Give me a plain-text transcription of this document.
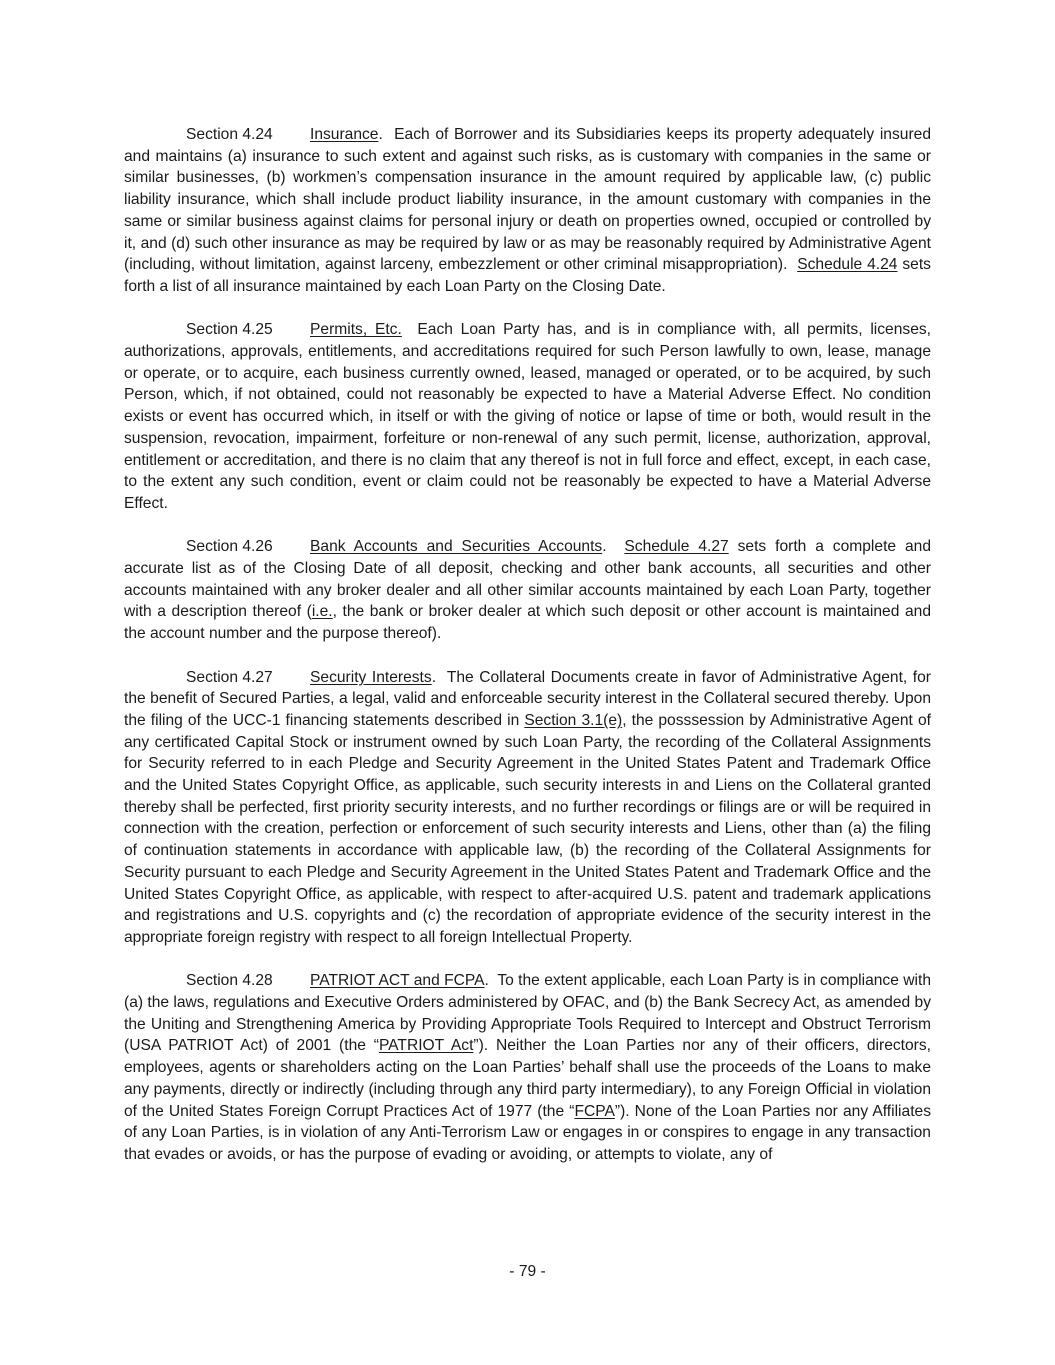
Section 4.24 Insurance. Each of Borrower and its Subsidiaries keeps its property adequately insured and maintains (a) insurance to such extent and against such risks, as is customary with companies in the same or similar businesses, (b) workmen’s compensation insurance in the amount required by applicable law, (c) public liability insurance, which shall include product liability insurance, in the amount customary with companies in the same or similar business against claims for personal injury or death on properties owned, occupied or controlled by it, and (d) such other insurance as may be required by law or as may be reasonably required by Administrative Agent (including, without limitation, against larceny, embezzlement or other criminal misappropriation). Schedule 4.24 sets forth a list of all insurance maintained by each Loan Party on the Closing Date.

Section 4.25 Permits, Etc. Each Loan Party has, and is in compliance with, all permits, licenses, authorizations, approvals, entitlements, and accreditations required for such Person lawfully to own, lease, manage or operate, or to acquire, each business currently owned, leased, managed or operated, or to be acquired, by such Person, which, if not obtained, could not reasonably be expected to have a Material Adverse Effect. No condition exists or event has occurred which, in itself or with the giving of notice or lapse of time or both, would result in the suspension, revocation, impairment, forfeiture or non-renewal of any such permit, license, authorization, approval, entitlement or accreditation, and there is no claim that any thereof is not in full force and effect, except, in each case, to the extent any such condition, event or claim could not be reasonably be expected to have a Material Adverse Effect.

Section 4.26 Bank Accounts and Securities Accounts. Schedule 4.27 sets forth a complete and accurate list as of the Closing Date of all deposit, checking and other bank accounts, all securities and other accounts maintained with any broker dealer and all other similar accounts maintained by each Loan Party, together with a description thereof (i.e., the bank or broker dealer at which such deposit or other account is maintained and the account number and the purpose thereof).

Section 4.27 Security Interests. The Collateral Documents create in favor of Administrative Agent, for the benefit of Secured Parties, a legal, valid and enforceable security interest in the Collateral secured thereby. Upon the filing of the UCC-1 financing statements described in Section 3.1(e), the posssession by Administrative Agent of any certificated Capital Stock or instrument owned by such Loan Party, the recording of the Collateral Assignments for Security referred to in each Pledge and Security Agreement in the United States Patent and Trademark Office and the United States Copyright Office, as applicable, such security interests in and Liens on the Collateral granted thereby shall be perfected, first priority security interests, and no further recordings or filings are or will be required in connection with the creation, perfection or enforcement of such security interests and Liens, other than (a) the filing of continuation statements in accordance with applicable law, (b) the recording of the Collateral Assignments for Security pursuant to each Pledge and Security Agreement in the United States Patent and Trademark Office and the United States Copyright Office, as applicable, with respect to after-acquired U.S. patent and trademark applications and registrations and U.S. copyrights and (c) the recordation of appropriate evidence of the security interest in the appropriate foreign registry with respect to all foreign Intellectual Property.

Section 4.28 PATRIOT ACT and FCPA. To the extent applicable, each Loan Party is in compliance with (a) the laws, regulations and Executive Orders administered by OFAC, and (b) the Bank Secrecy Act, as amended by the Uniting and Strengthening America by Providing Appropriate Tools Required to Intercept and Obstruct Terrorism (USA PATRIOT Act) of 2001 (the “PATRIOT Act”). Neither the Loan Parties nor any of their officers, directors, employees, agents or shareholders acting on the Loan Parties’ behalf shall use the proceeds of the Loans to make any payments, directly or indirectly (including through any third party intermediary), to any Foreign Official in violation of the United States Foreign Corrupt Practices Act of 1977 (the “FCPA”). None of the Loan Parties nor any Affiliates of any Loan Parties, is in violation of any Anti-Terrorism Law or engages in or conspires to engage in any transaction that evades or avoids, or has the purpose of evading or avoiding, or attempts to violate, any of

- 79 -
